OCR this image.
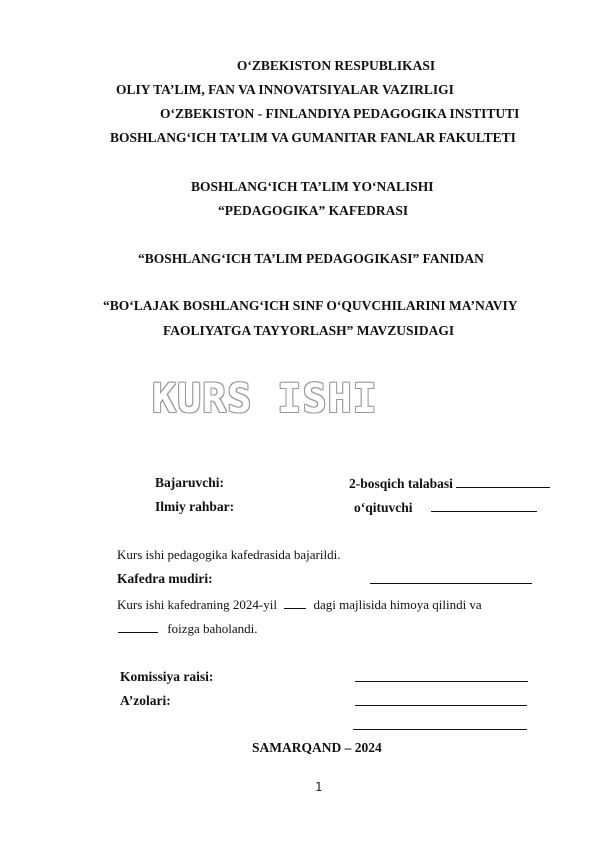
O‘ZBEKISTON RESPUBLIKASI
OLIY TA’LIM, FAN VA INNOVATSIYALAR VAZIRLIGI
O‘ZBEKISTON - FINLANDIYA PEDAGOGIKA INSTITUTI
BOSHLANG‘ICH TA’LIM VA GUMANITAR FANLAR FAKULTETI
BOSHLANG‘ICH TA’LIM YO‘NALISHI
“PEDAGOGIKA” KAFEDRASI
“BOSHLANG‘ICH TA’LIM PEDAGOGIKASI” FANIDAN
“BO‘LAJAK BOSHLANG‘ICH SINF O‘QUVCHILARINI MA’NAVIY
FAOLIYATGA TAYYORLASH” MAVZUSIDAGI
KURS ISHI
Bajaruvchi:	2-bosqich talabasi
Ilmiy rahbar:	o‘qituvchi
Kurs ishi pedagogika kafedrasida bajarildi.
Kafedra mudiri:
Kurs ishi kafedraning 2024-yil	dagi majlisida himoya qilindi va
foizga baholandi.
Komissiya raisi:
A’zolari:
SAMARQAND – 2024
1
